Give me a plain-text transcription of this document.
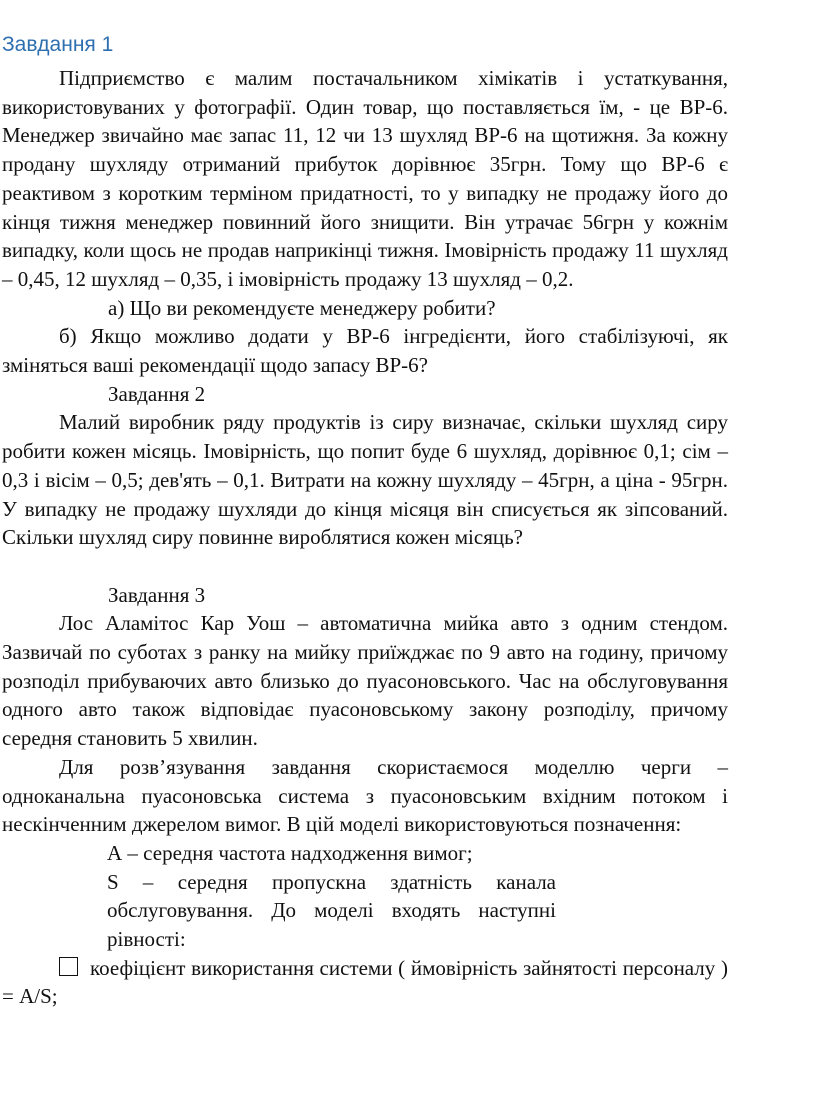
Завдання 1

Підприємство є малим постачальником хімікатів і устаткування, використовуваних у фотографії. Один товар, що поставляється їм, - це ВР-6. Менеджер звичайно має запас 11, 12 чи 13 шухляд ВР-6 на щотижня. За кожну продану шухляду отриманий прибуток дорівнює 35грн. Тому що ВР-6 є реактивом з коротким терміном придатності, то у випадку не продажу його до кінця тижня менеджер повинний його знищити. Він утрачає 56грн у кожнім випадку, коли щось не продав наприкінці тижня. Імовірність продажу 11 шухляд – 0,45, 12 шухляд – 0,35, і імовірність продажу 13 шухляд – 0,2.

а) Що ви рекомендуєте менеджеру робити?

б) Якщо можливо додати у ВР-6 інгредієнти, його стабілізуючі, як зміняться ваші рекомендації щодо запасу ВР-6?

Завдання 2

Малий виробник ряду продуктів із сиру визначає, скільки шухляд сиру робити кожен місяць. Імовірність, що попит буде 6 шухляд, дорівнює 0,1; сім – 0,3 і вісім – 0,5; дев'ять – 0,1. Витрати на кожну шухляду – 45грн, а ціна - 95грн. У випадку не продажу шухляди до кінця місяця він списується як зіпсований. Скільки шухляд сиру повинне вироблятися кожен місяць?

Завдання 3

Лос Аламітос Кар Уош – автоматична мийка авто з одним стендом. Зазвичай по суботах з ранку на мийку приїжджає по 9 авто на годину, причому розподіл прибуваючих авто близько до пуасоновського. Час на обслуговування одного авто також відповідає пуасоновському закону розподілу, причому середня становить 5 хвилин.

Для розв’язування завдання скористаємося моделлю черги – одноканальна пуасоновська система з пуасоновським вхідним потоком і нескінченним джерелом вимог. В цій моделі використовуються позначення:

А – середня частота надходження вимог;

S – середня пропускна здатність канала обслуговування. До моделі входять наступні рівності:

коефіцієнт використання системи ( ймовірність зайнятості персоналу ) = A/S;
